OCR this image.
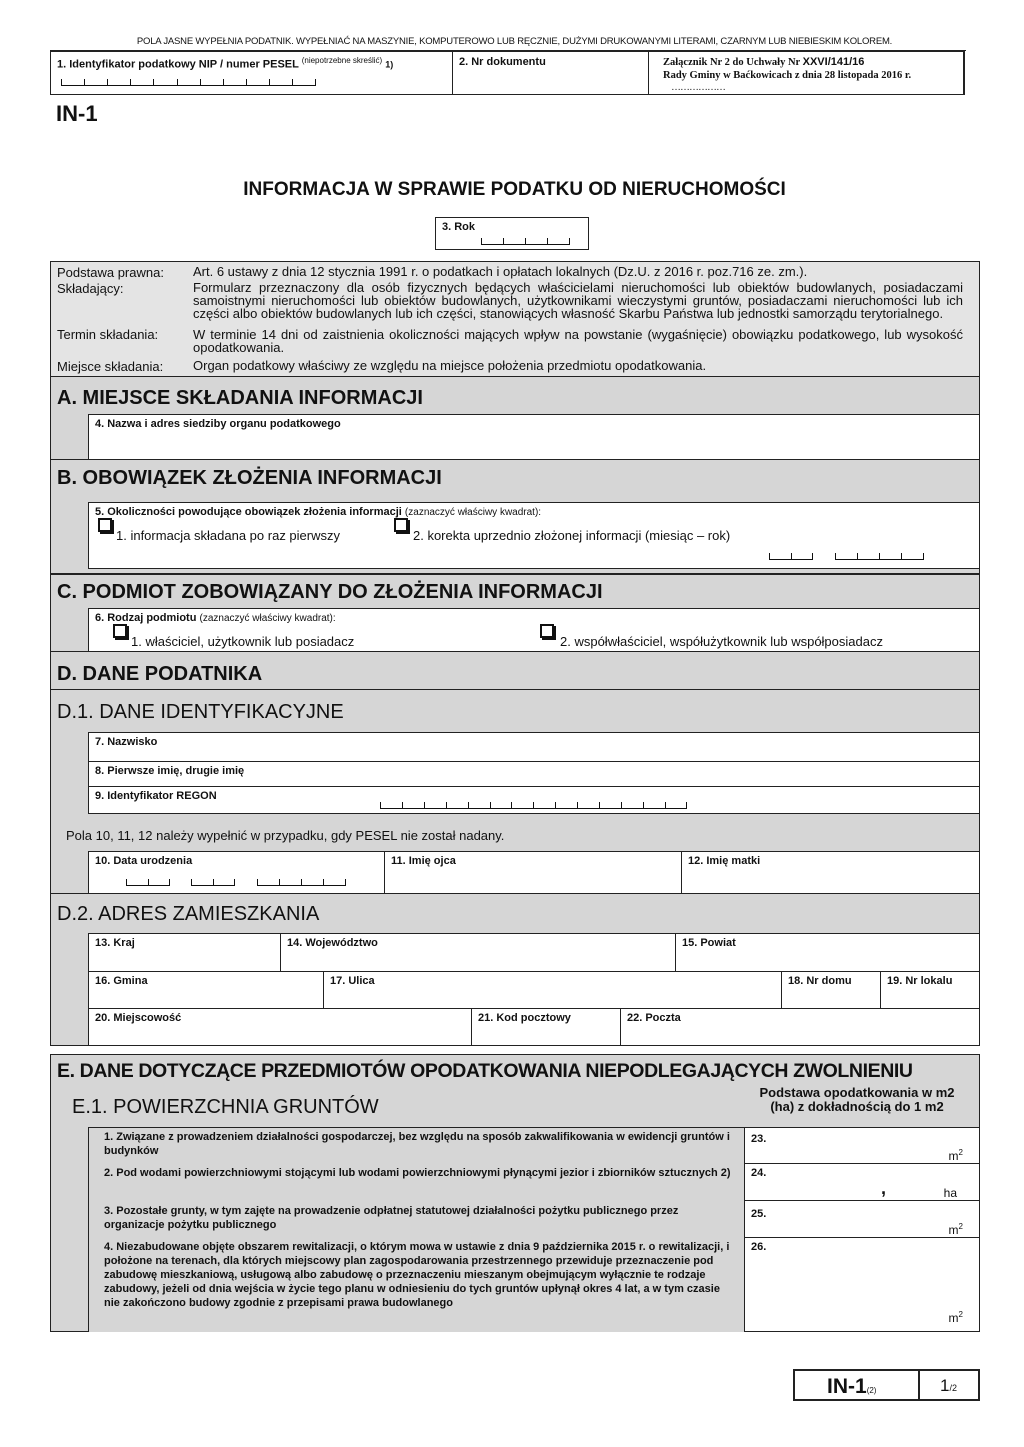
POLA JASNE WYPEŁNIA PODATNIK. WYPEŁNIAĆ NA MASZYNIE, KOMPUTEROWO LUB RĘCZNIE, DUŻYMI DRUKOWANYMI LITERAMI, CZARNYM LUB NIEBIESKIM KOLOREM.
1. Identyfikator podatkowy NIP / numer PESEL $^{(niepotrzebne skreślić)}$ 1)	2. Nr dokumentu	Załącznik Nr 2 do Uchwały Nr XXVI/141/16
Rady Gminy w Baćkowicach z dnia 28 listopada 2016 r.
………………
IN-1
INFORMACJA W SPRAWIE PODATKU OD NIERUCHOMOŚCI
3. Rok
Podstawa prawna: Art. 6 ustawy z dnia 12 stycznia 1991 r. o podatkach i opłatach lokalnych (Dz.U. z 2016 r. poz.716 ze. zm.).
Składający:	Formularz przeznaczony dla osób fizycznych będących właścicielami nieruchomości lub obiektów budowlanych, posiadaczami samoistnymi nieruchomości lub obiektów budowlanych, użytkownikami wieczystymi gruntów, posiadaczami nieruchomości lub ich części albo obiektów budowlanych lub ich części, stanowiących własność Skarbu Państwa lub jednostki samorządu terytorialnego.
Termin składania:	W terminie 14 dni od zaistnienia okoliczności mających wpływ na powstanie (wygaśnięcie) obowiązku podatkowego, lub wysokość opodatkowania.
Miejsce składania: Organ podatkowy właściwy ze względu na miejsce położenia przedmiotu opodatkowania.
A. MIEJSCE SKŁADANIA INFORMACJI
4. Nazwa i adres siedziby organu podatkowego
B. OBOWIĄZEK ZŁOŻENIA INFORMACJI
5. Okoliczności powodujące obowiązek złożenia informacji (zaznaczyć właściwy kwadrat):
1. informacja składana po raz pierwszy	2. korekta uprzednio złożonej informacji (miesiąc – rok)
C. PODMIOT ZOBOWIĄZANY DO ZŁOŻENIA INFORMACJI
6. Rodzaj podmiotu (zaznaczyć właściwy kwadrat):
1. właściciel, użytkownik lub posiadacz	2. współwłaściciel, współużytkownik lub współposiadacz
D. DANE PODATNIKA
D.1. DANE IDENTYFIKACYJNE
7. Nazwisko
8. Pierwsze imię, drugie imię
9. Identyfikator REGON
Pola 10, 11, 12 należy wypełnić w przypadku, gdy PESEL nie został nadany.
10. Data urodzenia	11. Imię ojca	12. Imię matki
D.2. ADRES ZAMIESZKANIA
13. Kraj	14. Województwo	15. Powiat
16. Gmina	17. Ulica	18. Nr domu	19. Nr lokalu
20. Miejscowość	21. Kod pocztowy	22. Poczta
E. DANE DOTYCZĄCE PRZEDMIOTÓW OPODATKOWANIA NIEPODLEGAJĄCYCH ZWOLNIENIU
E.1. POWIERZCHNIA GRUNTÓW
Podstawa opodatkowania w m2 (ha) z dokładnością do 1 m2
1. Związane z prowadzeniem działalności gospodarczej, bez względu na sposób zakwalifikowania w ewidencji gruntów i budynków
23.
$m^2$
2. Pod wodami powierzchniowymi stojącymi lub wodami powierzchniowymi płynącymi jezior i zbiorników sztucznych 2)	24.
,	ha
3. Pozostałe grunty, w tym zajęte na prowadzenie odpłatnej statutowej działalności pożytku publicznego przez organizacje pożytku publicznego
25.
$m^2$
4. Niezabudowane objęte obszarem rewitalizacji, o którym mowa w ustawie z dnia 9 października 2015 r. o rewitalizacji, i położone na terenach, dla których miejscowy plan zagospodarowania przestrzennego przewiduje przeznaczenie pod zabudowę mieszkaniową, usługową albo zabudowę o przeznaczeniu mieszanym obejmującym wyłącznie te rodzaje zabudowy, jeżeli od dnia wejścia w życie tego planu w odniesieniu do tych gruntów upłynął okres 4 lat, a w tym czasie nie zakończono budowy zgodnie z przepisami prawa budowlanego
26.
$m^2$
IN-1(2)	1/2
